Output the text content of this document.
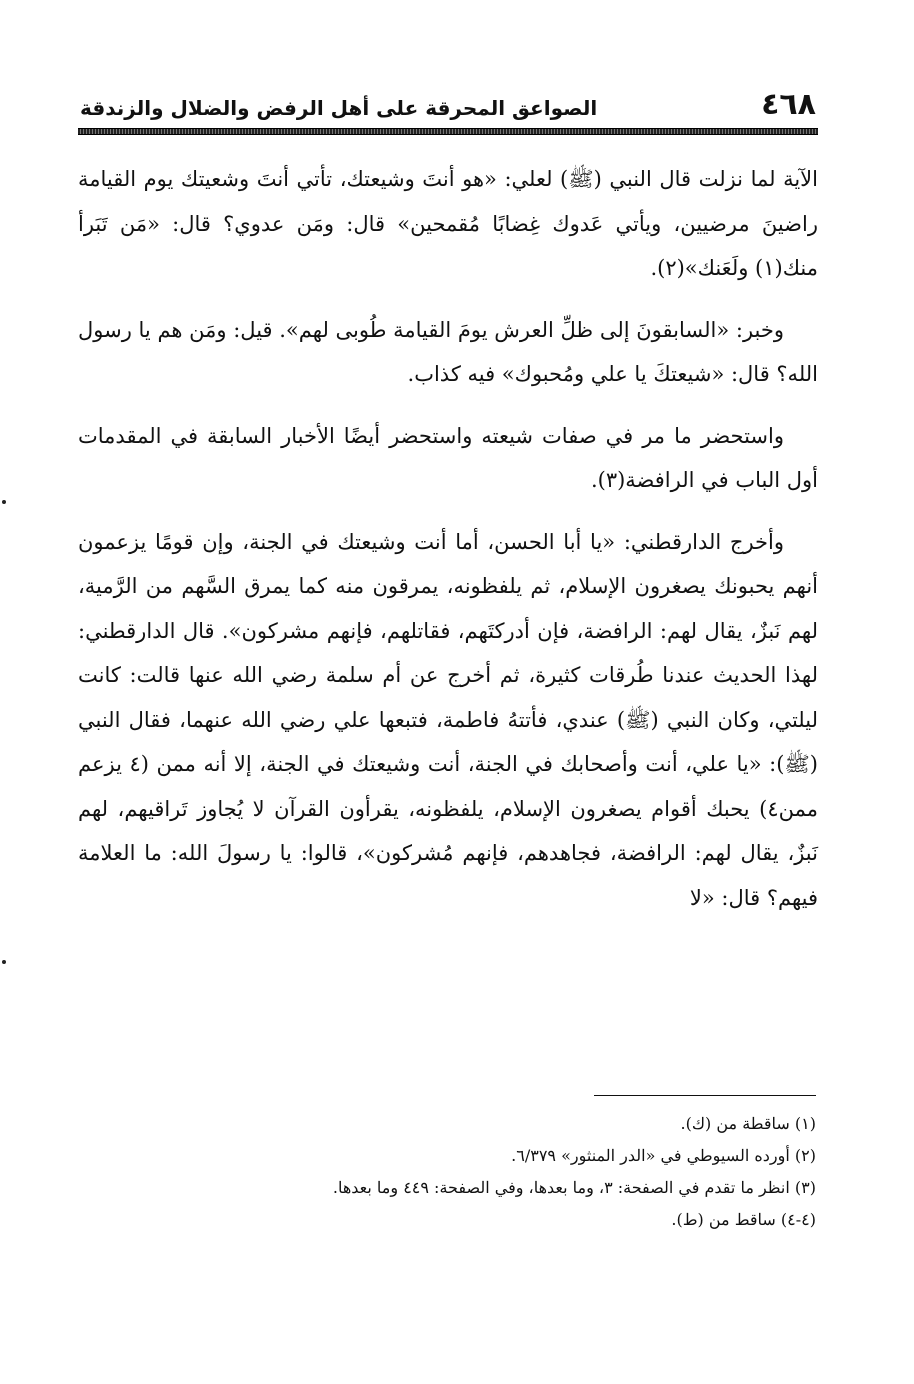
٤٦٨
الصواعق المحرقة على أهل الرفض والضلال والزندقة

الآية لما نزلت قال النبي (ﷺ) لعلي: «هو أنتَ وشيعتك، تأتي أنتَ وشعيتك يوم القيامة راضينَ مرضيين، ويأتي عَدوك غِضابًا مُقمحين» قال: ومَن عدوي؟ قال: «مَن تَبَرأ منك(١) ولَعَنك»(٢).

وخبر: «السابقونَ إلى ظلِّ العرش يومَ القيامة طُوبى لهم». قيل: ومَن هم يا رسول الله؟ قال: «شيعتكَ يا علي ومُحبوك» فيه كذاب.

واستحضر ما مر في صفات شيعته واستحضر أيضًا الأخبار السابقة في المقدمات أول الباب في الرافضة(٣).

وأخرج الدارقطني: «يا أبا الحسن، أما أنت وشيعتك في الجنة، وإن قومًا يزعمون أنهم يحبونك يصغرون الإسلام، ثم يلفظونه، يمرقون منه كما يمرق السَّهم من الرَّمية، لهم نَبزٌ، يقال لهم: الرافضة، فإن أدركتَهم، فقاتلهم، فإنهم مشركون». قال الدارقطني: لهذا الحديث عندنا طُرقات كثيرة، ثم أخرج عن أم سلمة رضي الله عنها قالت: كانت ليلتي، وكان النبي (ﷺ) عندي، فأتتهُ فاطمة، فتبعها علي رضي الله عنهما، فقال النبي (ﷺ): «يا علي، أنت وأصحابك في الجنة، أنت وشيعتك في الجنة، إلا أنه ممن (٤ يزعم ممن٤) يحبك أقوام يصغرون الإسلام، يلفظونه، يقرأون القرآن لا يُجاوز تَراقيهم، لهم نَبزٌ، يقال لهم: الرافضة، فجاهدهم، فإنهم مُشركون»، قالوا: يا رسولَ الله: ما العلامة فيهم؟ قال: «لا

(١) ساقطة من (ك).

(٢) أورده السيوطي في «الدر المنثور» ٦/٣٧٩.

(٣) انظر ما تقدم في الصفحة: ٣، وما بعدها، وفي الصفحة: ٤٤٩ وما بعدها.

(٤-٤) ساقط من (ط).
